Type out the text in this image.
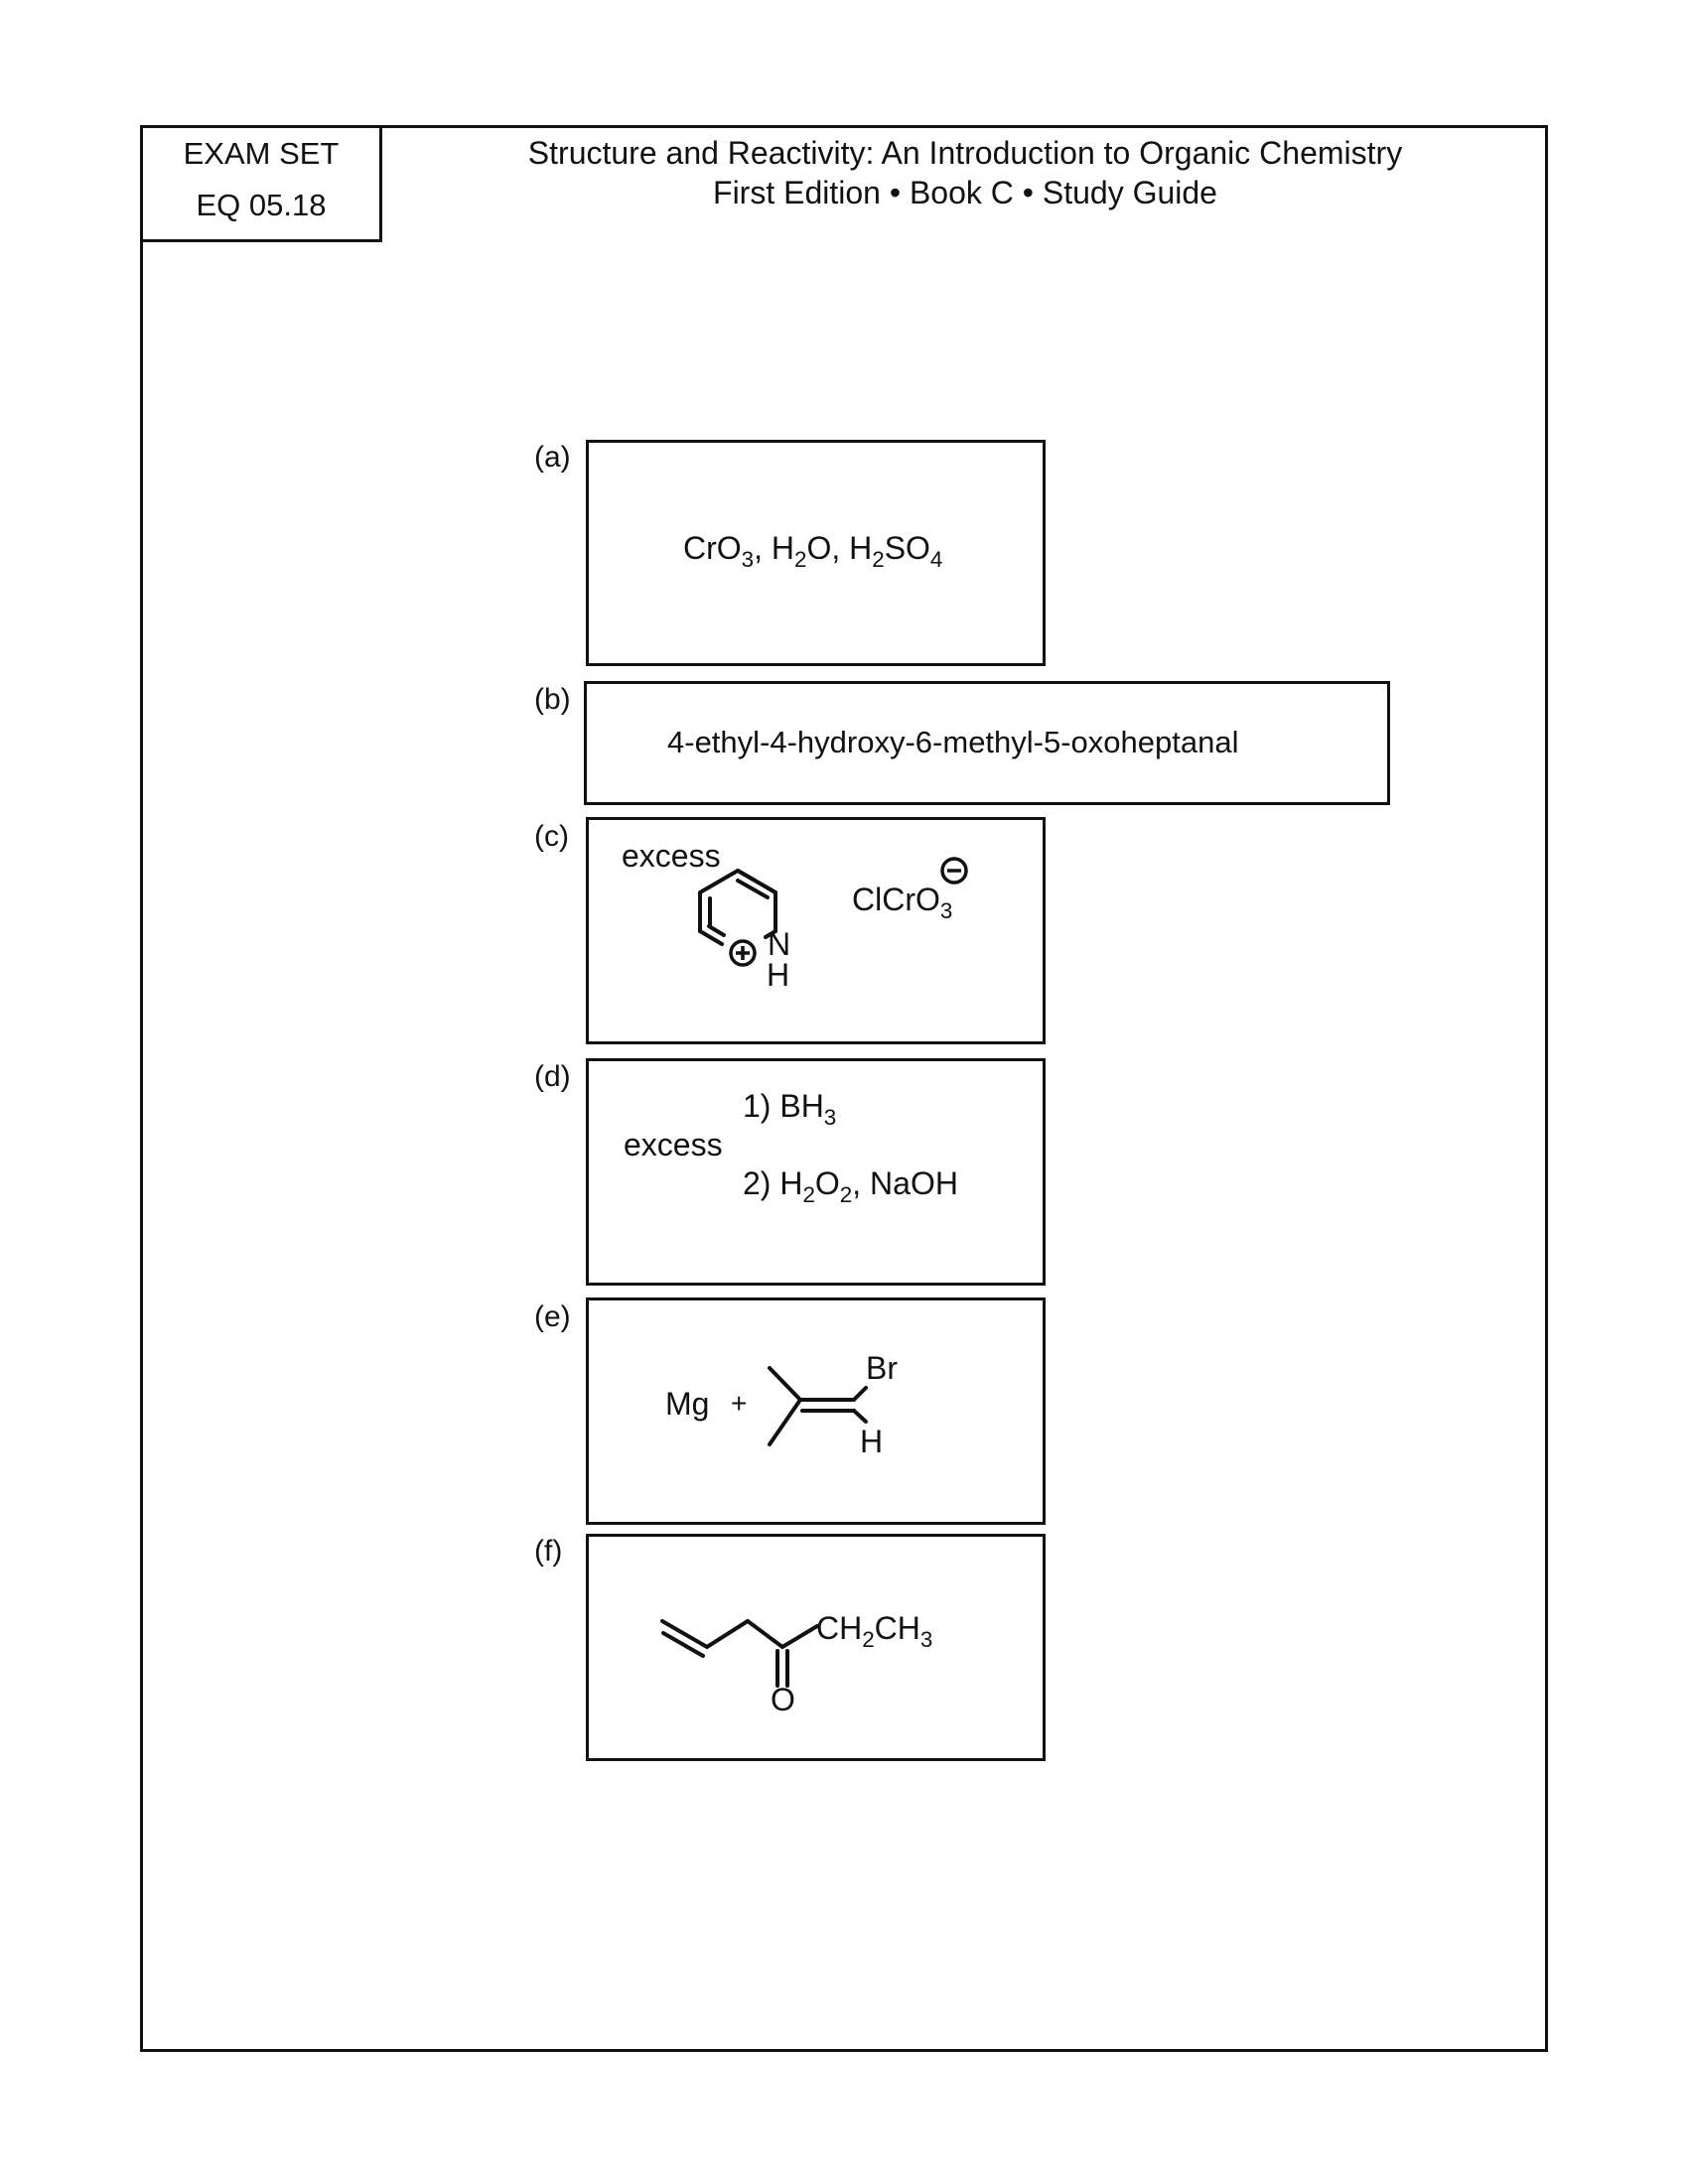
EXAM SET
EQ 05.18
Structure and Reactivity: An Introduction to Organic Chemistry
First Edition • Book C • Study Guide
(a)
CrO$_3$, $H_2O$, $H_2SO_4$
(b)
4-ethyl-4-hydroxy-6-methyl-5-oxoheptanal
(c)
excess
N
H
ClCrO$_3$
(d)
1) $BH_3$
excess
2) $H_2O_2$, NaOH
(e)
Mg +
Br
H
(f)
$CH_2CH_3$
O
